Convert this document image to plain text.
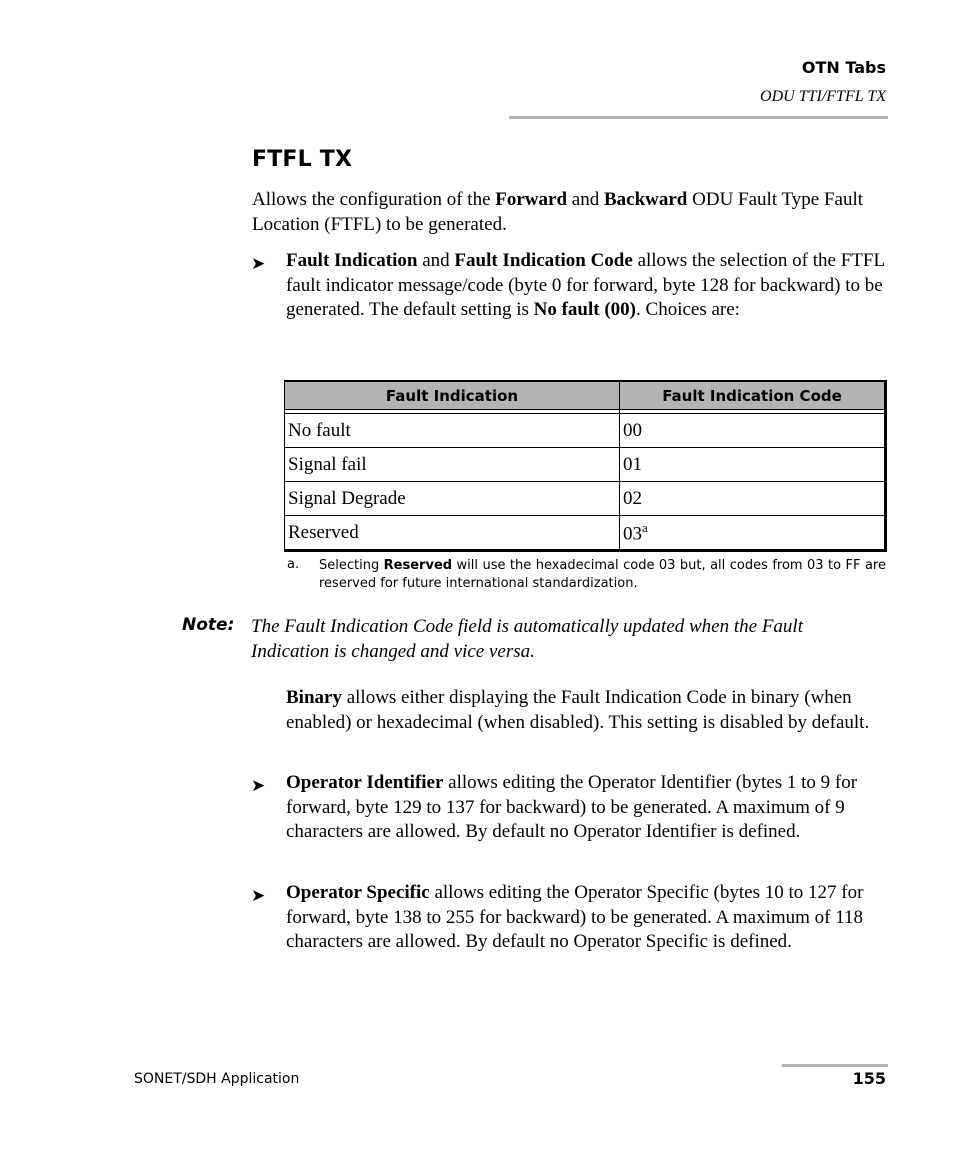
OTN Tabs
ODU TTI/FTFL TX
FTFL TX
Allows the configuration of the Forward and Backward ODU Fault Type Fault Location (FTFL) to be generated.
➤ Fault Indication and Fault Indication Code allows the selection of the FTFL fault indicator message/code (byte 0 for forward, byte 128 for backward) to be generated. The default setting is No fault (00). Choices are:
Fault Indication	Fault Indication Code

No fault	00
Signal fail	01
Signal Degrade	02
Reserved	03$^a$
a. Selecting Reserved will use the hexadecimal code 03 but, all codes from 03 to FF are reserved for future international standardization.
Note: The Fault Indication Code field is automatically updated when the Fault Indication is changed and vice versa.
Binary allows either displaying the Fault Indication Code in binary (when enabled) or hexadecimal (when disabled). This setting is disabled by default.
➤ Operator Identifier allows editing the Operator Identifier (bytes 1 to 9 for forward, byte 129 to 137 for backward) to be generated. A maximum of 9 characters are allowed. By default no Operator Identifier is defined.
➤ Operator Specific allows editing the Operator Specific (bytes 10 to 127 for forward, byte 138 to 255 for backward) to be generated. A maximum of 118 characters are allowed. By default no Operator Specific is defined.
SONET/SDH Application	155
